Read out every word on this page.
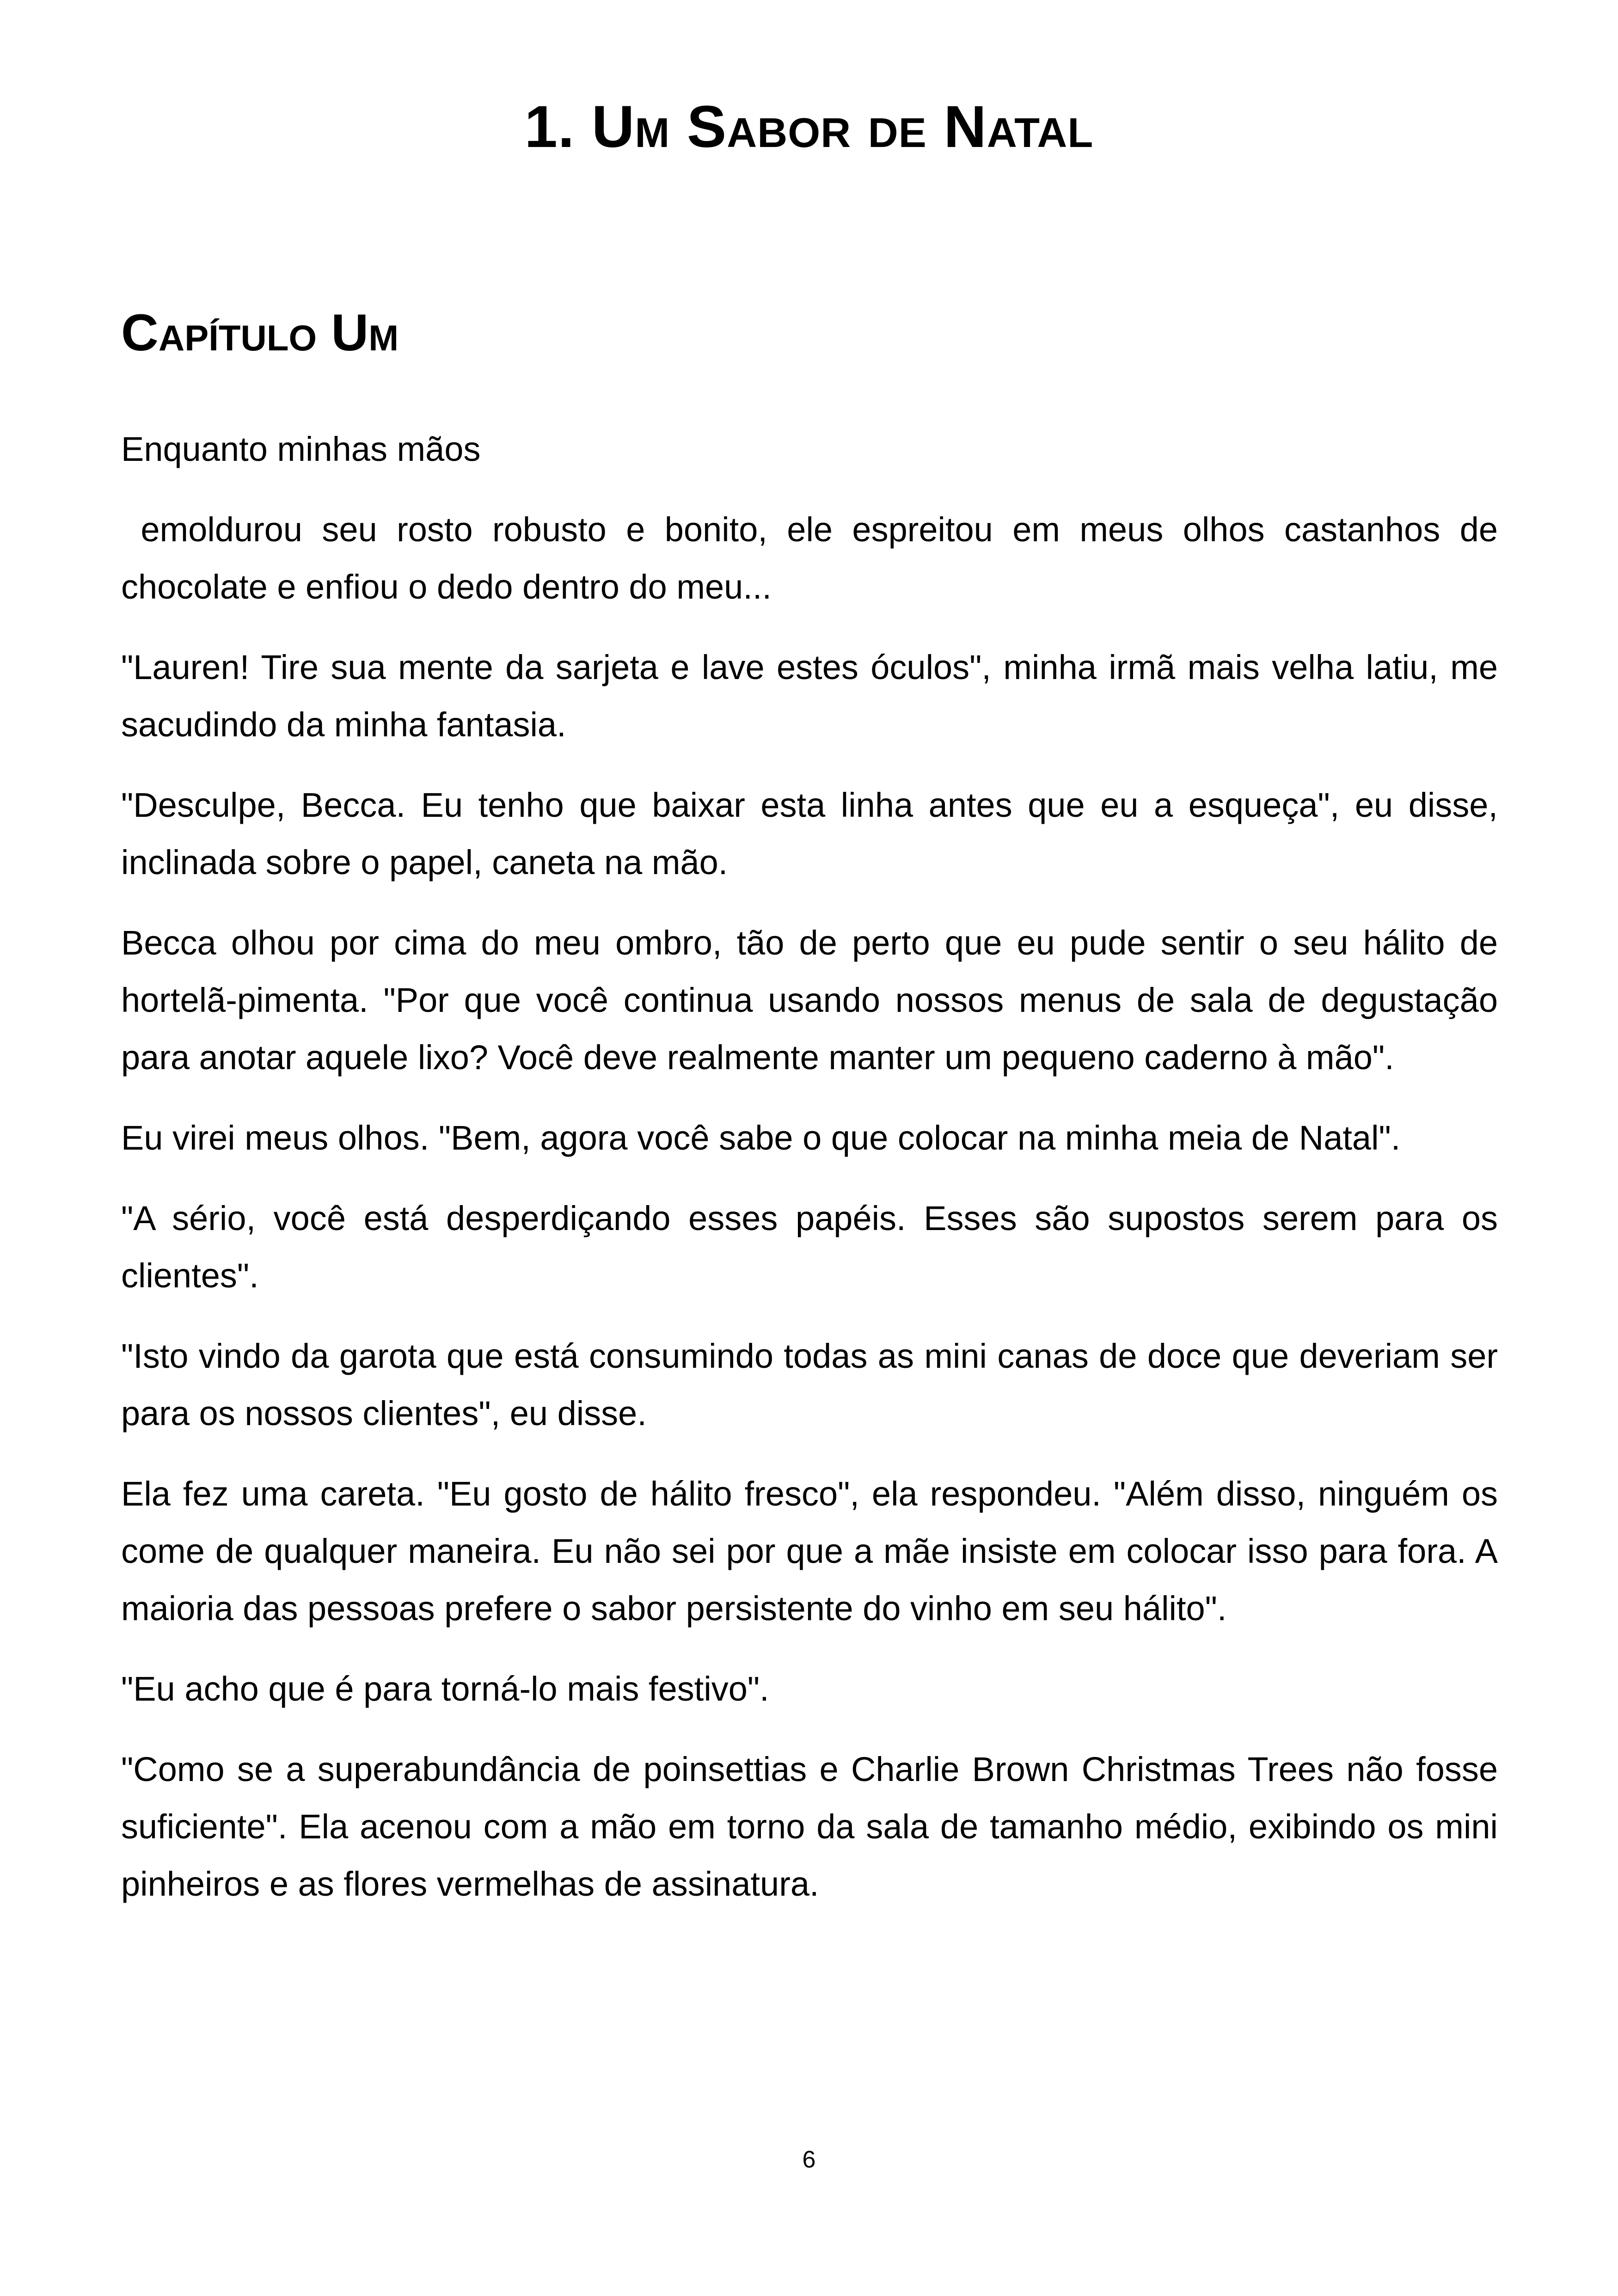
1. Um Sabor de Natal
Capítulo Um

Enquanto minhas mãos

emoldurou seu rosto robusto e bonito, ele espreitou em meus olhos castanhos de chocolate e enfiou o dedo dentro do meu...

"Lauren! Tire sua mente da sarjeta e lave estes óculos", minha irmã mais velha latiu, me sacudindo da minha fantasia.

"Desculpe, Becca. Eu tenho que baixar esta linha antes que eu a esqueça", eu disse, inclinada sobre o papel, caneta na mão.

Becca olhou por cima do meu ombro, tão de perto que eu pude sentir o seu hálito de hortelã-pimenta. "Por que você continua usando nossos menus de sala de degustação para anotar aquele lixo? Você deve realmente manter um pequeno caderno à mão".

Eu virei meus olhos. "Bem, agora você sabe o que colocar na minha meia de Natal".

"A sério, você está desperdiçando esses papéis. Esses são supostos serem para os clientes".

"Isto vindo da garota que está consumindo todas as mini canas de doce que deveriam ser para os nossos clientes", eu disse.

Ela fez uma careta. "Eu gosto de hálito fresco", ela respondeu. "Além disso, ninguém os come de qualquer maneira. Eu não sei por que a mãe insiste em colocar isso para fora. A maioria das pessoas prefere o sabor persistente do vinho em seu hálito".

"Eu acho que é para torná-lo mais festivo".

"Como se a superabundância de poinsettias e Charlie Brown Christmas Trees não fosse suficiente". Ela acenou com a mão em torno da sala de tamanho médio, exibindo os mini pinheiros e as flores vermelhas de assinatura.

6
